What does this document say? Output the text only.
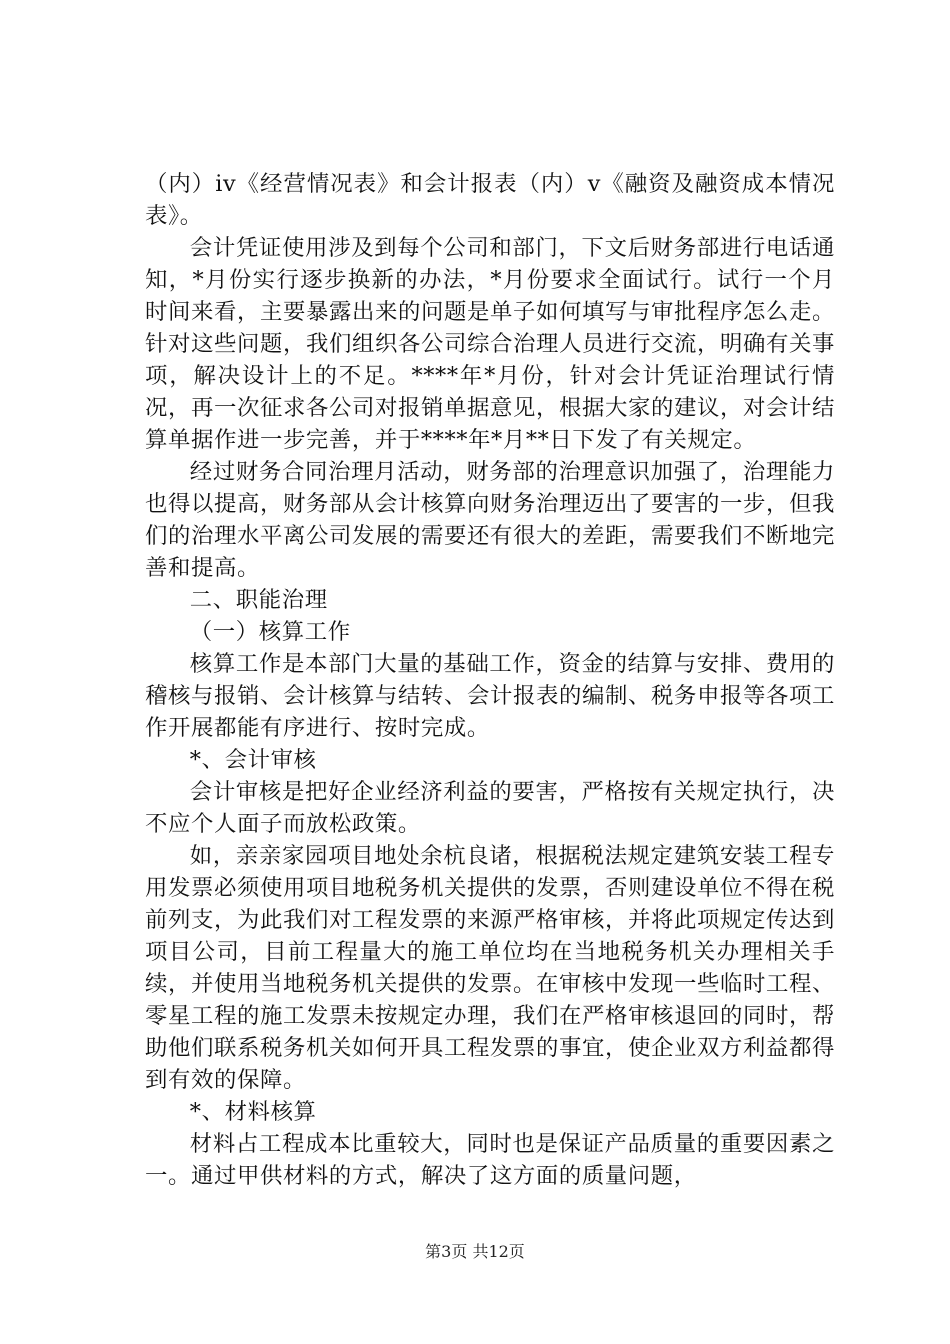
（内）iv《经营情况表》和会计报表（内）v《融资及融资成本情况表》。

会计凭证使用涉及到每个公司和部门，下文后财务部进行电话通知，*月份实行逐步换新的办法，*月份要求全面试行。试行一个月时间来看，主要暴露出来的问题是单子如何填写与审批程序怎么走。针对这些问题，我们组织各公司综合治理人员进行交流，明确有关事项，解决设计上的不足。****年*月份，针对会计凭证治理试行情况，再一次征求各公司对报销单据意见，根据大家的建议，对会计结算单据作进一步完善，并于****年*月**日下发了有关规定。

经过财务合同治理月活动，财务部的治理意识加强了，治理能力也得以提高，财务部从会计核算向财务治理迈出了要害的一步，但我们的治理水平离公司发展的需要还有很大的差距，需要我们不断地完善和提高。

二、职能治理

（一）核算工作

核算工作是本部门大量的基础工作，资金的结算与安排、费用的稽核与报销、会计核算与结转、会计报表的编制、税务申报等各项工作开展都能有序进行、按时完成。

*、会计审核

会计审核是把好企业经济利益的要害，严格按有关规定执行，决不应个人面子而放松政策。

如，亲亲家园项目地处余杭良诸，根据税法规定建筑安装工程专用发票必须使用项目地税务机关提供的发票，否则建设单位不得在税前列支，为此我们对工程发票的来源严格审核，并将此项规定传达到项目公司，目前工程量大的施工单位均在当地税务机关办理相关手续，并使用当地税务机关提供的发票。在审核中发现一些临时工程、零星工程的施工发票未按规定办理，我们在严格审核退回的同时，帮助他们联系税务机关如何开具工程发票的事宜，使企业双方利益都得到有效的保障。

*、材料核算

材料占工程成本比重较大，同时也是保证产品质量的重要因素之一。通过甲供材料的方式，解决了这方面的质量问题，

第3页 共12页
